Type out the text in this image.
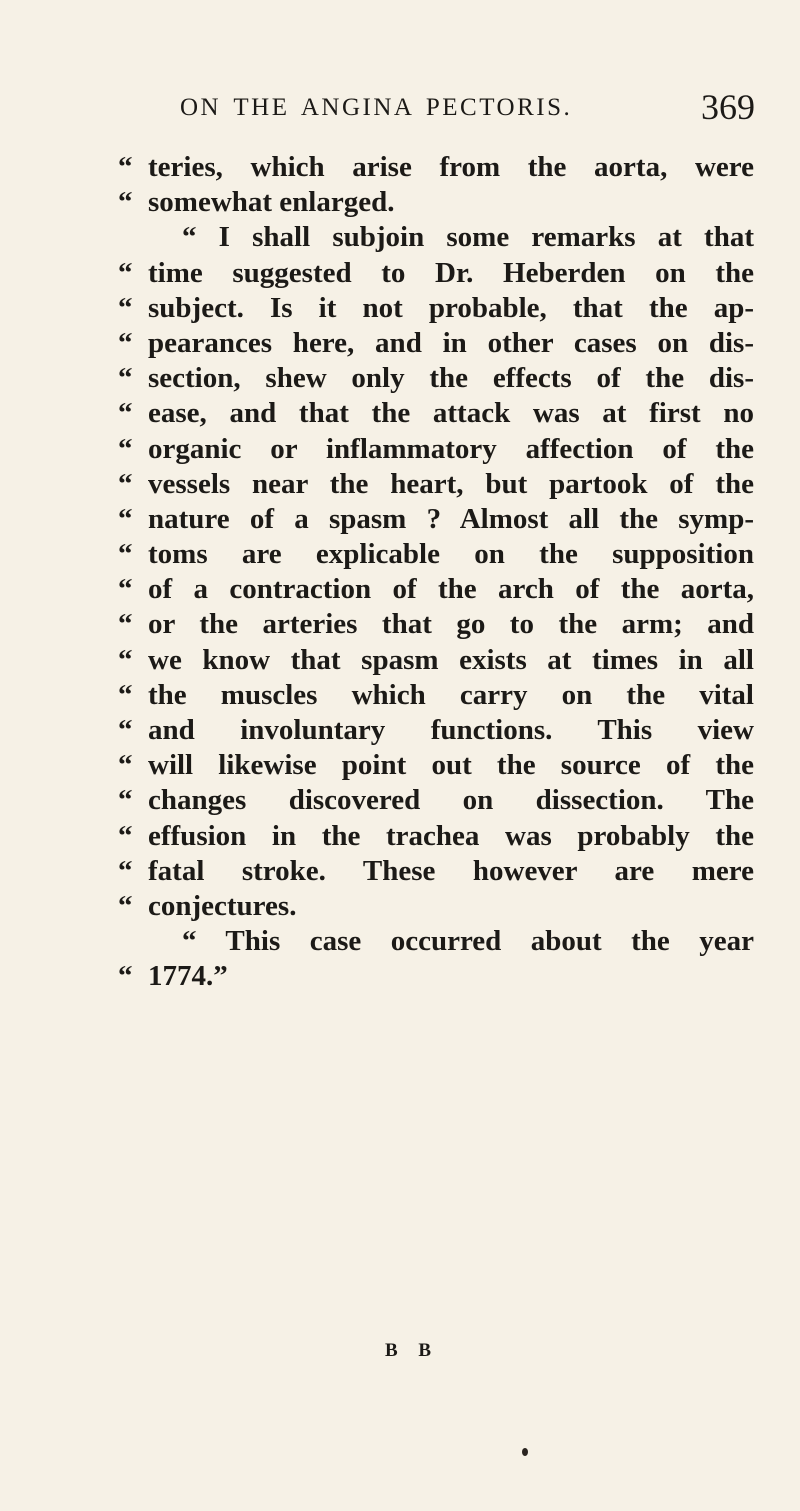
ON THE ANGINA PECTORIS.	369
“ teries, which arise from the aorta, were
“ somewhat enlarged.
“ I shall subjoin some remarks at that
“ time suggested to Dr. Heberden on the
“ subject. Is it not probable, that the ap-
“ pearances here, and in other cases on dis-
“ section, shew only the effects of the dis-
“ ease, and that the attack was at first no
“ organic or inflammatory affection of the
“ vessels near the heart, but partook of the
“ nature of a spasm ? Almost all the symp-
“ toms are explicable on the supposition
“ of a contraction of the arch of the aorta,
“ or the arteries that go to the arm; and
“ we know that spasm exists at times in all
“ the muscles which carry on the vital
“ and involuntary functions. This view
“ will likewise point out the source of the
“ changes discovered on dissection. The
“ effusion in the trachea was probably the
“ fatal stroke. These however are mere
“ conjectures.
“ This case occurred about the year
“ 1774.”
B B
